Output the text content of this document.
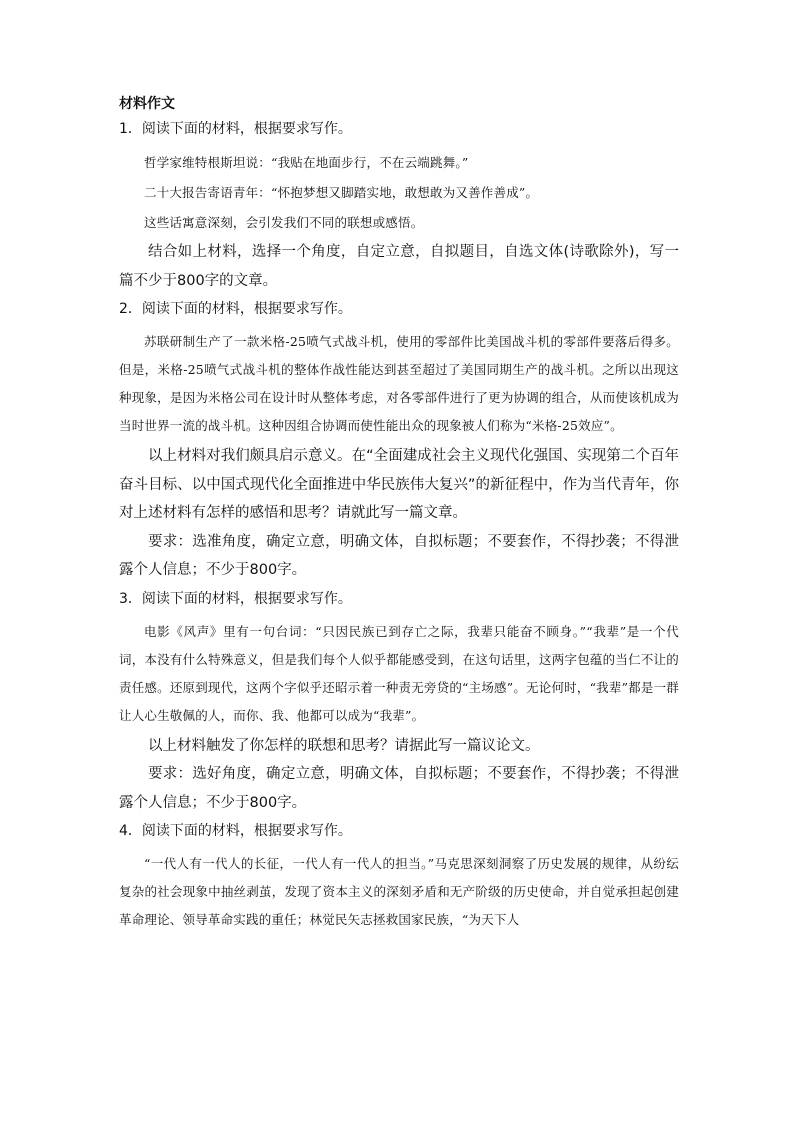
材料作文
1．阅读下面的材料，根据要求写作。
哲学家维特根斯坦说：“我贴在地面步行，不在云端跳舞。”
二十大报告寄语青年：“怀抱梦想又脚踏实地，敢想敢为又善作善成”。
这些话寓意深刻，会引发我们不同的联想或感悟。
结合如上材料，选择一个角度，自定立意，自拟题目，自选文体(诗歌除外)，写一篇不少于800字的文章。
2．阅读下面的材料，根据要求写作。
苏联研制生产了一款米格-25喷气式战斗机，使用的零部件比美国战斗机的零部件要落后得多。但是，米格-25喷气式战斗机的整体作战性能达到甚至超过了美国同期生产的战斗机。之所以出现这种现象，是因为米格公司在设计时从整体考虑，对各零部件进行了更为协调的组合，从而使该机成为当时世界一流的战斗机。这种因组合协调而使性能出众的现象被人们称为“米格-25效应”。
以上材料对我们颇具启示意义。在“全面建成社会主义现代化强国、实现第二个百年奋斗目标、以中国式现代化全面推进中华民族伟大复兴”的新征程中，作为当代青年，你对上述材料有怎样的感悟和思考？请就此写一篇文章。
要求：选准角度，确定立意，明确文体，自拟标题；不要套作，不得抄袭；不得泄露个人信息；不少于800字。
3．阅读下面的材料，根据要求写作。
电影《风声》里有一句台词：“只因民族已到存亡之际，我辈只能奋不顾身。”“我辈”是一个代词，本没有什么特殊意义，但是我们每个人似乎都能感受到，在这句话里，这两字包蕴的当仁不让的责任感。还原到现代，这两个字似乎还昭示着一种责无旁贷的“主场感”。无论何时，“我辈”都是一群让人心生敬佩的人，而你、我、他都可以成为“我辈”。
以上材料触发了你怎样的联想和思考？请据此写一篇议论文。
要求：选好角度，确定立意，明确文体，自拟标题；不要套作，不得抄袭；不得泄露个人信息；不少于800字。
4．阅读下面的材料，根据要求写作。
“一代人有一代人的长征，一代人有一代人的担当。”马克思深刻洞察了历史发展的规律，从纷纭复杂的社会现象中抽丝剥茧，发现了资本主义的深刻矛盾和无产阶级的历史使命，并自觉承担起创建革命理论、领导革命实践的重任；林觉民矢志拯救国家民族，“为天下人
